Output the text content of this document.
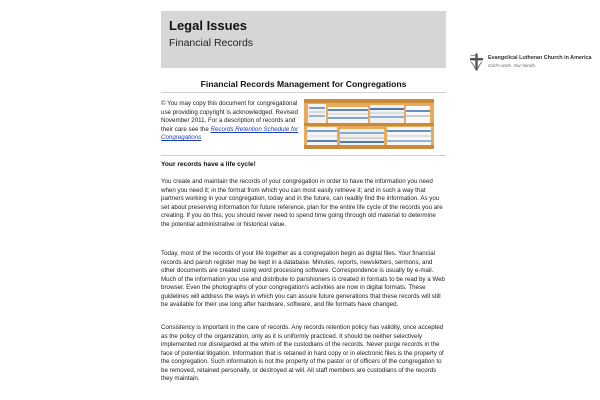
Legal Issues
Financial Records
Evangelical Lutheran Church in America
God's work. Our hands.
Financial Records Management for Congregations

© You may copy this document for congregational use providing copyright is acknowledged. Revised November 2011. For a description of records and their care see the Records Retention Schedule for Congregations

Your records have a life cycle!
You create and maintain the records of your congregation in order to have the information you need when you need it; in the format from which you can most easily retrieve it; and in such a way that partners working in your congregation, today and in the future, can readily find the information. As you set about preserving information for future reference, plan for the entire life cycle of the records you are creating. If you do this, you should never need to spend time going through old material to determine the potential administrative or historical value.
Today, most of the records of your life together as a congregation begin as digital files. Your financial records and parish register may be kept in a database. Minutes, reports, newsletters, sermons, and other documents are created using word processing software. Correspondence is usually by e-mail. Much of the information you use and distribute to parishioners is created in formats to be read by a Web browser. Even the photographs of your congregation's activities are now in digital formats. These guidelines will address the ways in which you can assure future generations that these records will still be available for their use long after hardware, software, and file formats have changed.
Consistency is important in the care of records. Any records retention policy has validity, once accepted as the policy of the organization, only as it is uniformly practiced. It should be neither selectively implemented nor disregarded at the whim of the custodians of the records. Never purge records in the face of potential litigation. Information that is retained in hard copy or in electronic files is the property of the congregation. Such information is not the property of the pastor or of officers of the congregation to be removed, retained personally, or destroyed at will. All staff members are custodians of the records they maintain.
